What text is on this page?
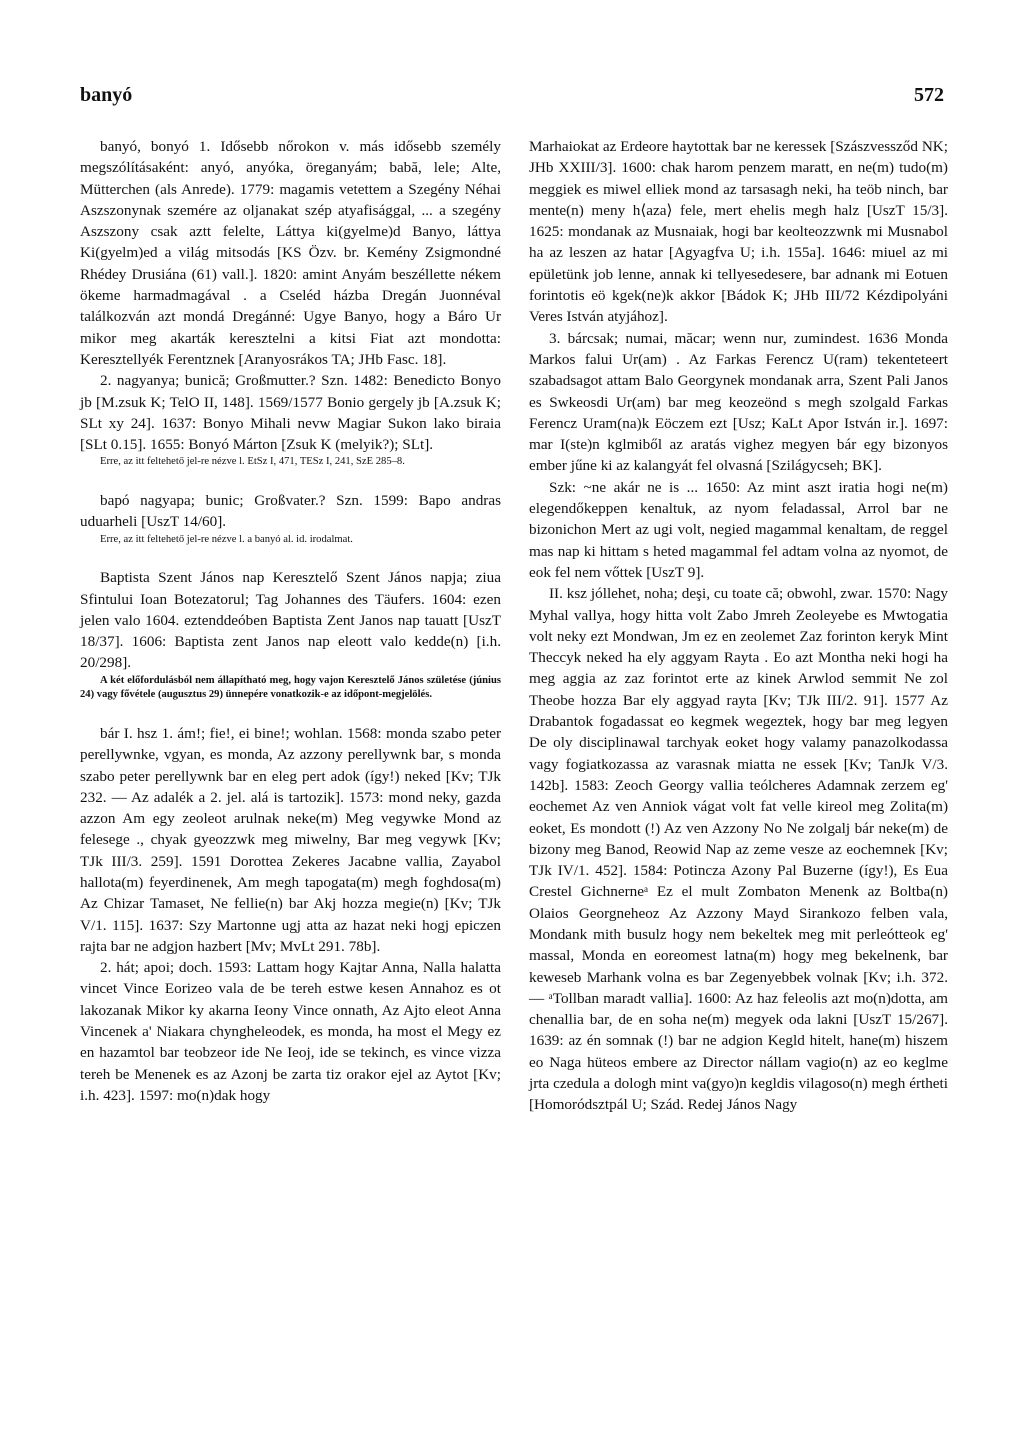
banyó	572

banyó, bonyó 1. Idősebb nőrokon v. más idősebb személy megszólításaként: anyó, anyóka, öreganyám; babă, lele; Alte, Mütterchen (als Anrede). 1779: magamis vetettem a Szegény Néhai Aszszonynak szemére az oljanakat szép atyafisággal, ... a szegény Aszszony csak aztt felelte, Láttya ki(gyelme)d Banyo, láttya Ki(gyelm)ed a világ mitsodás [KS Özv. br. Kemény Zsigmondné Rhédey Drusiána (61) vall.]. 1820: amint Anyám beszéllette nékem ökeme harmadmagával . a Cseléd házba Dregán Juonnéval találkozván azt mondá Dregánné: Ugye Banyo, hogy a Báro Ur mikor meg akarták keresztelni a kitsi Fiat azt mondotta: Keresztellyék Ferentznek [Aranyosrákos TA; JHb Fasc. 18].

2. nagyanya; bunică; Großmutter.? Szn. 1482: Benedicto Bonyo jb [M.zsuk K; TelO II, 148]. 1569/1577 Bonio gergely jb [A.zsuk K; SLt xy 24]. 1637: Bonyo Mihali nevw Magiar Sukon lako biraia [SLt 0.15]. 1655: Bonyó Márton [Zsuk K (melyik?); SLt].

Erre, az itt feltehető jel-re nézve l. EtSz I, 471, TESz I, 241, SzE 285–8.

bapó nagyapa; bunic; Großvater.? Szn. 1599: Bapo andras uduarheli [UszT 14/60].

Erre, az itt feltehető jel-re nézve l. a banyó al. id. irodalmat.

Baptista Szent János nap Keresztelő Szent János napja; ziua Sfintului Ioan Botezatorul; Tag Johannes des Täufers. 1604: ezen jelen valo 1604. eztenddeóben Baptista Zent Janos nap tauatt [UszT 18/37]. 1606: Baptista zent Janos nap eleott valo kedde(n) [i.h. 20/298].

A két előfordulásból nem állapítható meg, hogy vajon Keresztelő János születése (június 24) vagy fővétele (augusztus 29) ünnepére vonatkozik-e az időpont-megjelölés.

bár I. hsz 1. ám!; fie!, ei bine!; wohlan. 1568: monda szabo peter perellywnke, vgyan, es monda, Az azzony perellywnk bar, s monda szabo peter perellywnk bar en eleg pert adok (így!) neked [Kv; TJk 232. — Az adalék a 2. jel. alá is tartozik]. 1573: mond neky, gazda azzon Am egy zeoleot arulnak neke(m) Meg vegywke Mond az felesege ., chyak gyeozzwk meg miwelny, Bar meg vegywk [Kv; TJk III/3. 259]. 1591 Dorottea Zekeres Jacabne vallia, Zayabol hallota(m) feyerdinenek, Am megh tapogata(m) megh foghdosa(m) Az Chizar Tamaset, Ne fellie(n) bar Akj hozza megie(n) [Kv; TJk V/1. 115]. 1637: Szy Martonne ugj atta az hazat neki hogj epiczen rajta bar ne adgjon hazbert [Mv; MvLt 291. 78b].

2. hát; apoi; doch. 1593: Lattam hogy Kajtar Anna, Nalla halatta vincet Vince Eorizeo vala de be tereh estwe kesen Annahoz es ot lakozanak Mikor ky akarna Ieony Vince onnath, Az Ajto eleot Anna Vincenek a' Niakara chyngheleodek, es monda, ha most el Megy ez en hazamtol bar teobzeor ide Ne Ieoj, ide se tekinch, es vince vizza tereh be Menenek es az Azonj be zarta tiz orakor ejel az Aytot [Kv; i.h. 423]. 1597: mo(n)dak hogy

Marhaiokat az Erdeore haytottak bar ne keressek [Szászvessződ NK; JHb XXIII/3]. 1600: chak harom penzem maratt, en ne(m) tudo(m) meggiek es miwel elliek mond az tarsasagh neki, ha teöb ninch, bar mente(n) meny h⟨aza⟩ fele, mert ehelis megh halz [UszT 15/3]. 1625: mondanak az Musnaiak, hogi bar keolteozzwnk mi Musnabol ha az leszen az hatar [Agyagfva U; i.h. 155a]. 1646: miuel az mi epületünk job lenne, annak ki tellyesedesere, bar adnank mi Eotuen forintotis eö kgek(ne)k akkor [Bádok K; JHb III/72 Kézdipolyáni Veres István atyjához].

3. bárcsak; numai, măcar; wenn nur, zumindest. 1636 Monda Markos falui Ur(am) . Az Farkas Ferencz U(ram) tekenteteert szabadsagot attam Balo Georgynek mondanak arra, Szent Pali Janos es Swkeosdi Ur(am) bar meg keozeönd s megh szolgald Farkas Ferencz Uram(na)k Eöczem ezt [Usz; KaLt Apor István ir.]. 1697: mar I(ste)n kglmiből az aratás vighez megyen bár egy bizonyos ember jűne ki az kalangyát fel olvasná [Szilágycseh; BK].

Szk: ~ne akár ne is ... 1650: Az mint aszt iratia hogi ne(m) elegendőkeppen kenaltuk, az nyom feladassal, Arrol bar ne bizonichon Mert az ugi volt, negied magammal kenaltam, de reggel mas nap ki hittam s heted magammal fel adtam volna az nyomot, de eok fel nem vőttek [UszT 9].

II. ksz jóllehet, noha; deşi, cu toate că; obwohl, zwar. 1570: Nagy Myhal vallya, hogy hitta volt Zabo Jmreh Zeoleyebe es Mwtogatia volt neky ezt Mondwan, Jm ez en zeolemet Zaz forinton keryk Mint Theccyk neked ha ely aggyam Rayta . Eo azt Montha neki hogi ha meg aggia az zaz forintot erte az kinek Arwlod semmit Ne zol Theobe hozza Bar ely aggyad rayta [Kv; TJk III/2. 91]. 1577 Az Drabantok fogadassat eo kegmek wegeztek, hogy bar meg legyen De oly disciplinawal tarchyak eoket hogy valamy panazolkodassa vagy fogiatkozassa az varasnak miatta ne essek [Kv; TanJk V/3. 142b]. 1583: Zeoch Georgy vallia teólcheres Adamnak zerzem eg' eochemet Az ven Anniok vágat volt fat velle kireol meg Zolita(m) eoket, Es mondott (!) Az ven Azzony No Ne zolgalj bár neke(m) de bizony meg Banod, Reowid Nap az zeme vesze az eochemnek [Kv; TJk IV/1. 452]. 1584: Potincza Azony Pal Buzerne (így!), Es Eua Crestel Gichnerneᵃ Ez el mult Zombaton Menenk az Boltba(n) Olaios Georgneheoz Az Azzony Mayd Sirankozo felben vala, Mondank mith busulz hogy nem bekeltek meg mit perleótteok eg' massal, Monda en eoreomest latna(m) hogy meg bekelnenk, bar keweseb Marhank volna es bar Zegenyebbek volnak [Kv; i.h. 372. — ᵃTollban maradt vallia]. 1600: Az haz feleolis azt mo(n)dotta, am chenallia bar, de en soha ne(m) megyek oda lakni [UszT 15/267]. 1639: az én somnak (!) bar ne adgion Kegld hitelt, hane(m) hiszem eo Naga hüteos embere az Director nállam vagio(n) az eo keglme jrta czedula a dologh mint va(gyo)n kegldis vilagoso(n) megh értheti [Homoródsztpál U; Szád. Redej János Nagy
